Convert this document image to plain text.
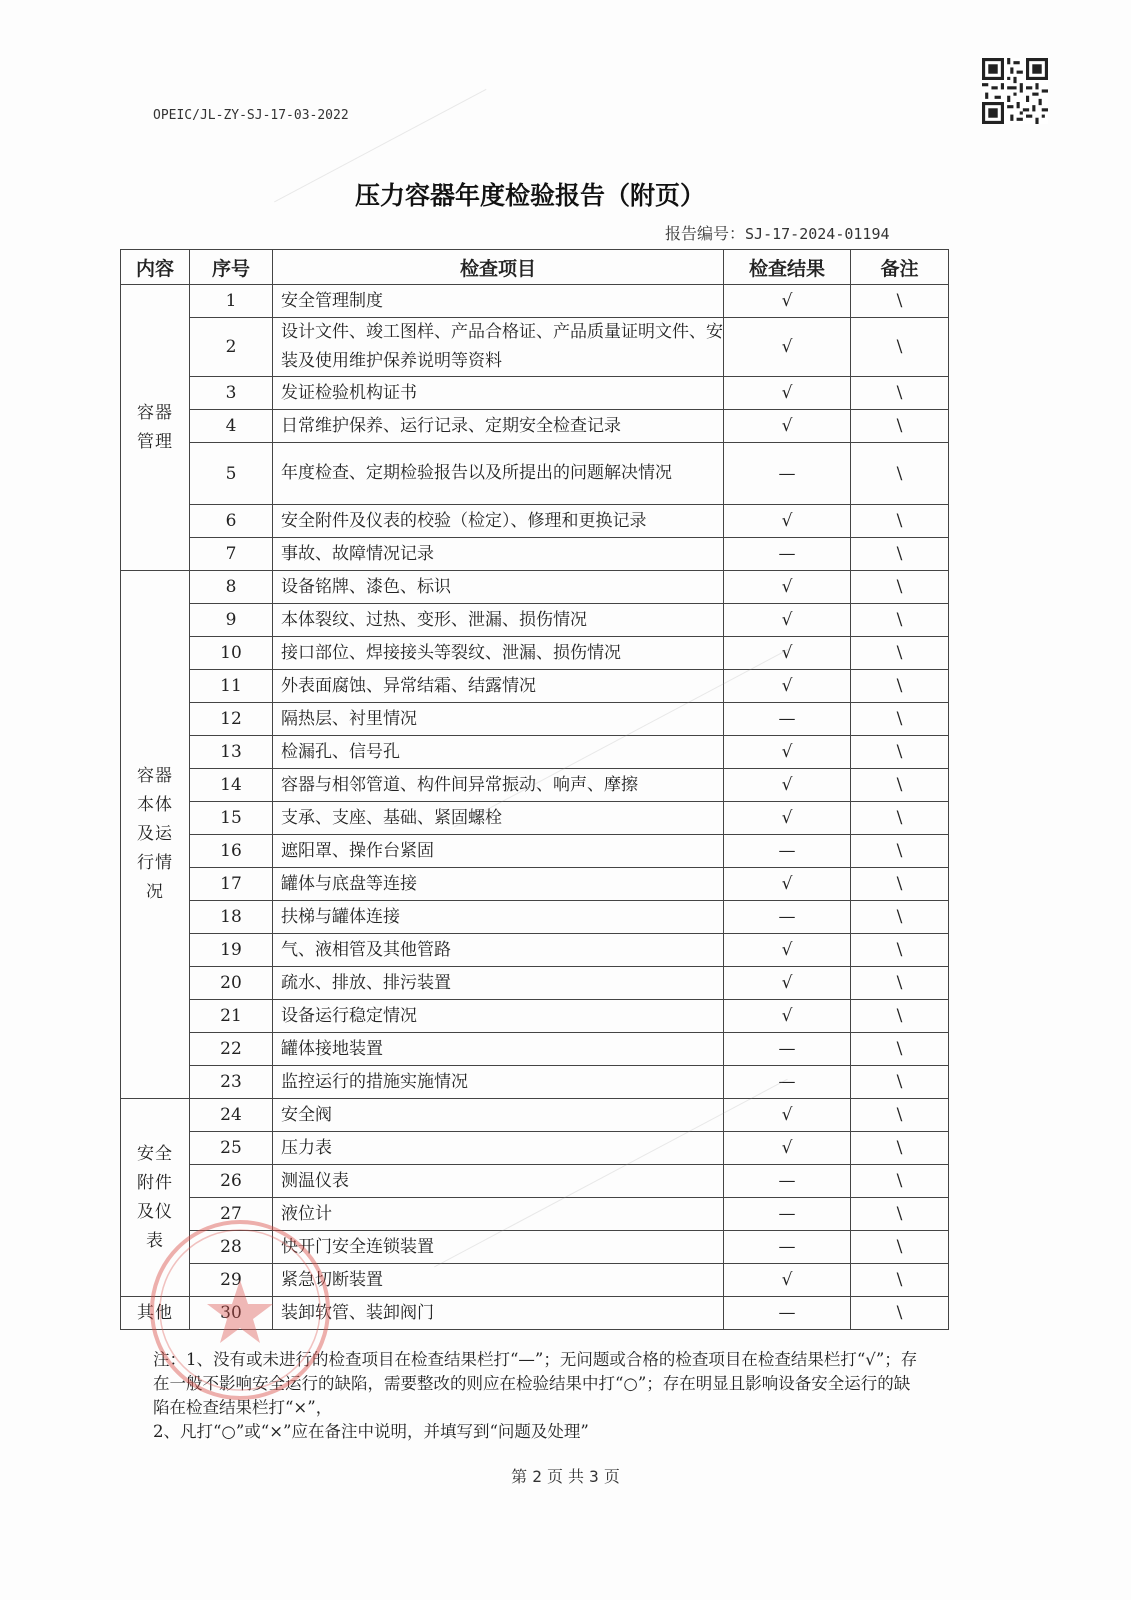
OPEIC/JL-ZY-SJ-17-03-2022
压力容器年度检验报告（附页）
报告编号：SJ-17-2024-01194
内容	序号	检查项目	检查结果	备注
容器
管理	1	安全管理制度	√	\
	2	设计文件、竣工图样、产品合格证、产品质量证明文件、安装及使用维护保养说明等资料	√	\
	3	发证检验机构证书	√	\
	4	日常维护保养、运行记录、定期安全检查记录	√	\
	5	年度检查、定期检验报告以及所提出的问题解决情况	—	\
	6	安全附件及仪表的校验（检定）、修理和更换记录	√	\
	7	事故、故障情况记录	—	\
容器
本体
及运
行情
况	8	设备铭牌、漆色、标识	√	\
	9	本体裂纹、过热、变形、泄漏、损伤情况	√	\
	10	接口部位、焊接接头等裂纹、泄漏、损伤情况	√	\
	11	外表面腐蚀、异常结霜、结露情况	√	\
	12	隔热层、衬里情况	—	\
	13	检漏孔、信号孔	√	\
	14	容器与相邻管道、构件间异常振动、响声、摩擦	√	\
	15	支承、支座、基础、紧固螺栓	√	\
	16	遮阳罩、操作台紧固	—	\
	17	罐体与底盘等连接	√	\
	18	扶梯与罐体连接	—	\
	19	气、液相管及其他管路	√	\
	20	疏水、排放、排污装置	√	\
	21	设备运行稳定情况	√	\
	22	罐体接地装置	—	\
	23	监控运行的措施实施情况	—	\
安全
附件
及仪
表	24	安全阀	√	\
	25	压力表	√	\
	26	测温仪表	—	\
	27	液位计	—	\
	28	快开门安全连锁装置	—	\
	29	紧急切断装置	√	\
其他	30	装卸软管、装卸阀门	—	\
注：1、没有或未进行的检查项目在检查结果栏打“—”；无问题或合格的检查项目在检查结果栏打“√”；存在一般不影响安全运行的缺陷，需要整改的则应在检验结果中打“○”；存在明显且影响设备安全运行的缺陷在检查结果栏打“×”，
2、凡打“○”或“×”应在备注中说明，并填写到“问题及处理”
第 2 页 共 3 页
